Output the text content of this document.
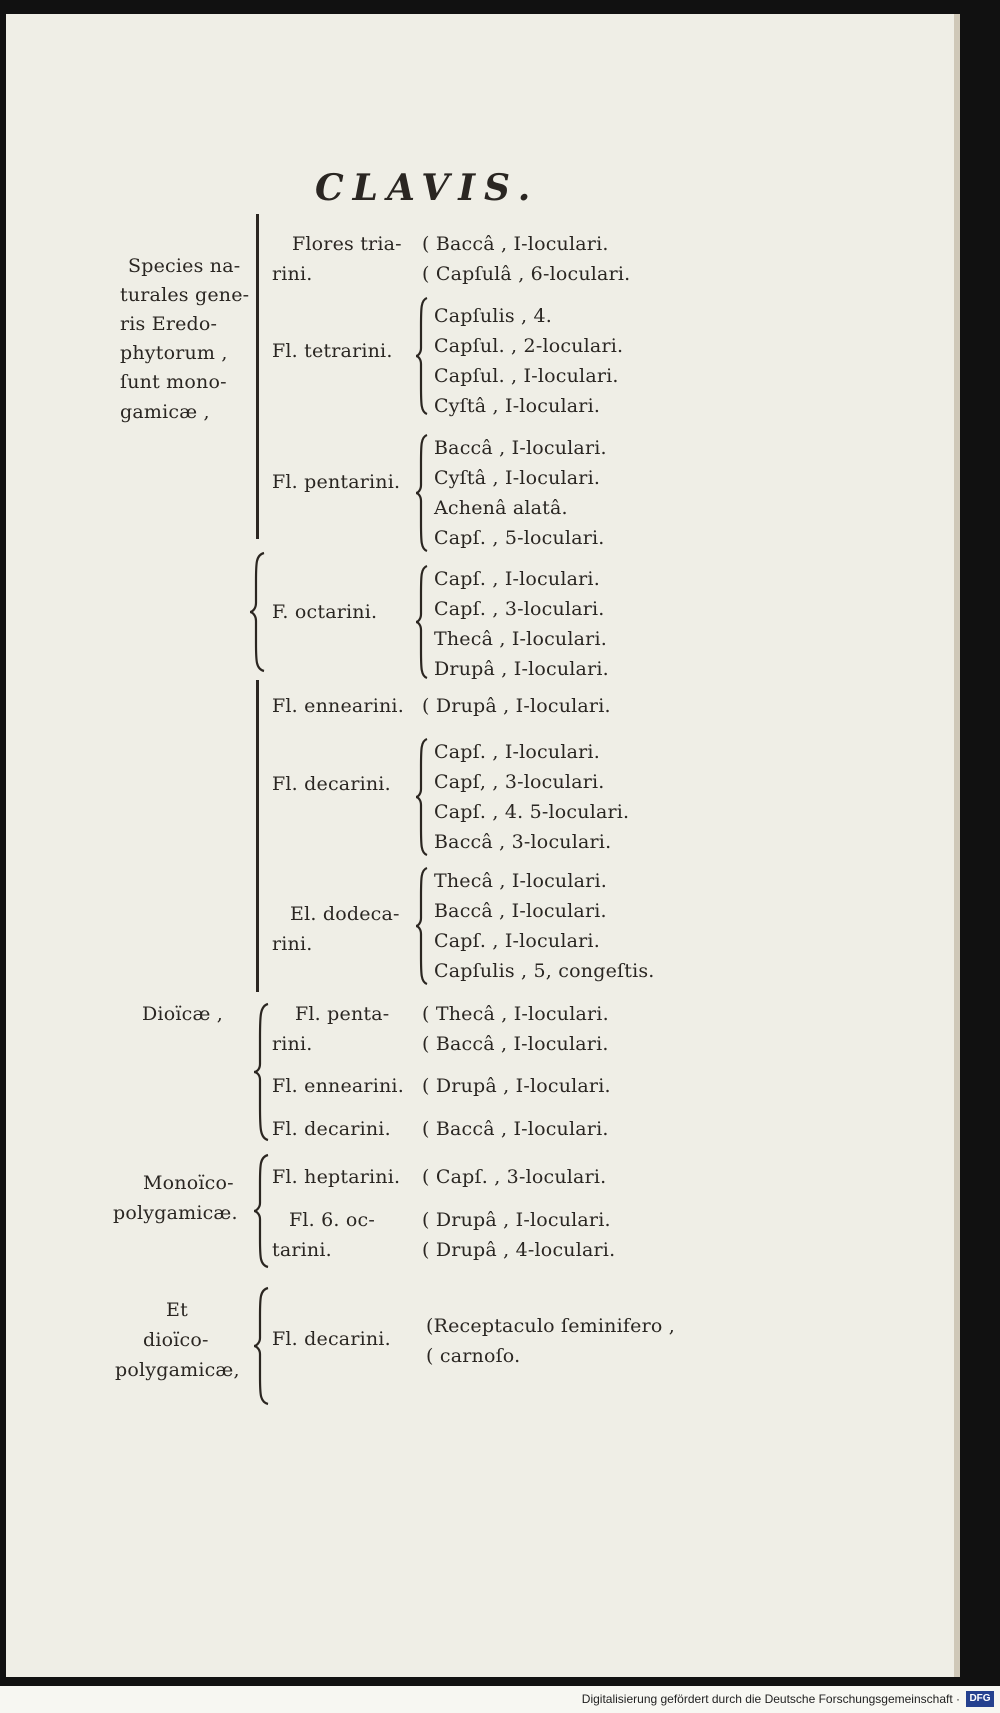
CLAVIS.
Species na-
turales gene-
ris Eredo-
phytorum ,
ſunt mono-
gamicæ ,
Dioïcæ ,
Monoïco-
polygamicæ.
Et
dioïco-
polygamicæ,
Flores tria-
rini.
Fl. tetrarini.
Fl. pentarini.
F. octarini.
Fl. ennearini.
Fl. decarini.
El. dodeca-
rini.
Fl. penta-
rini.
Fl. ennearini.
Fl. decarini.
Fl. heptarini.
Fl. 6. oc-
tarini.
Fl. decarini.
( Baccâ , I-loculari.
( Capſulâ , 6-loculari.
Capſulis , 4.
Capſul. , 2-loculari.
Capſul. , I-loculari.
Cyſtâ , I-loculari.
Baccâ , I-loculari.
Cyſtâ , I-loculari.
Achenâ alatâ.
Capſ. , 5-loculari.
Capſ. , I-loculari.
Capſ. , 3-loculari.
Thecâ , I-loculari.
Drupâ , I-loculari.
( Drupâ , I-loculari.
Capſ. , I-loculari.
Capſ, , 3-loculari.
Capſ. , 4. 5-loculari.
Baccâ , 3-loculari.
Thecâ , I-loculari.
Baccâ , I-loculari.
Capſ. , I-loculari.
Capſulis , 5, congeſtis.
( Thecâ , I-loculari.
( Baccâ , I-loculari.
( Drupâ , I-loculari.
( Baccâ , I-loculari.
( Capſ. , 3-loculari.
( Drupâ , I-loculari.
( Drupâ , 4-loculari.
(Receptaculo ſeminifero ,
( carnoſo.
Digitalisierung gefördert durch die Deutsche Forschungsgemeinschaft · DFG
